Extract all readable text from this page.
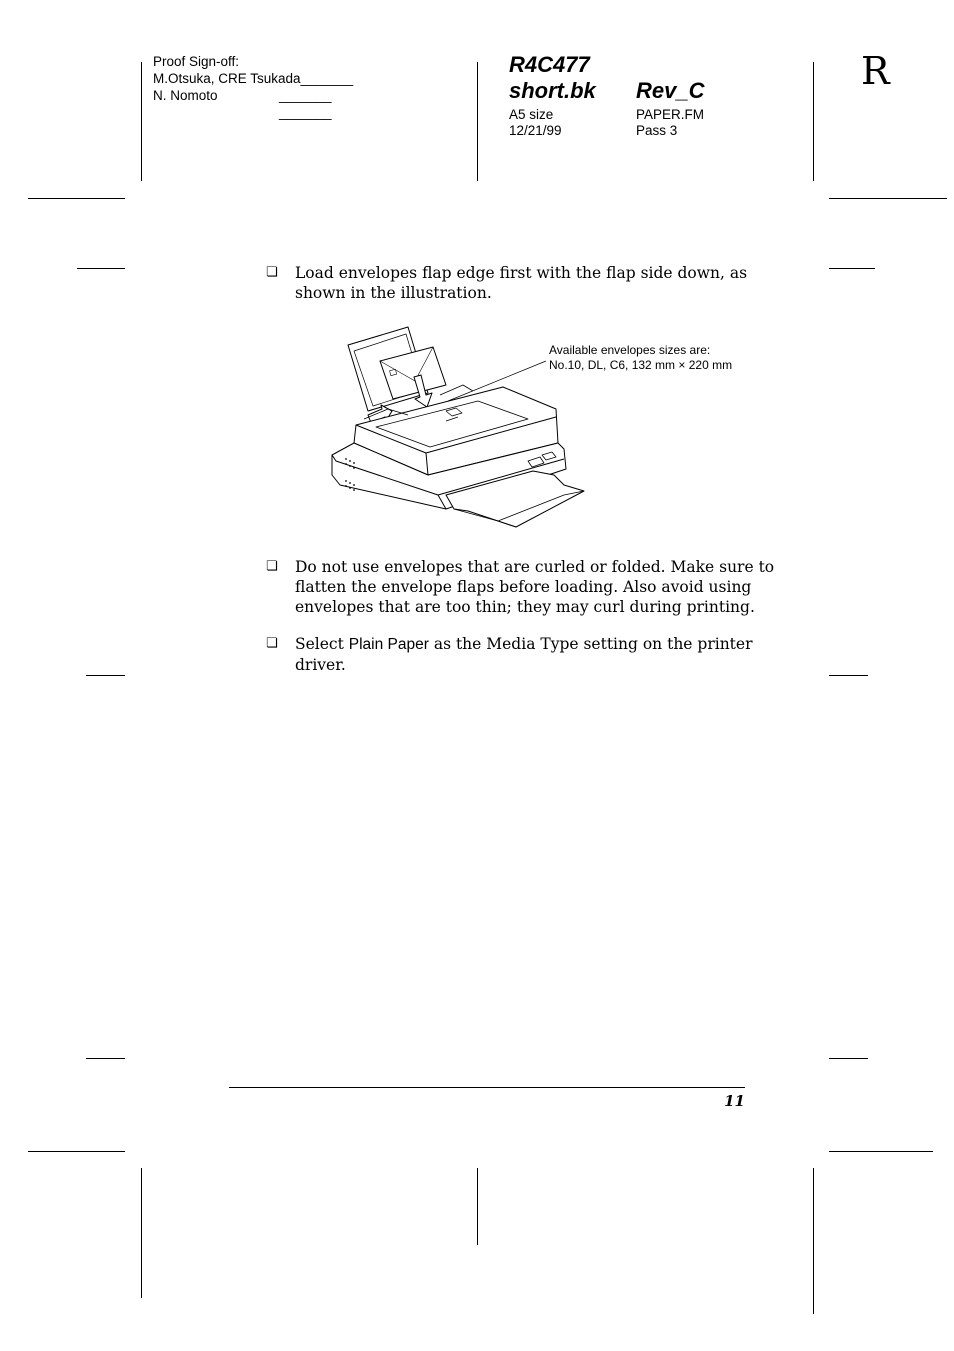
Proof Sign-off:
M.Otsuka, CRE Tsukada_______
N. Nomoto	_______
_______
R4C477
short.bk Rev_C
A5 size
12/21/99
PAPER.FM
Pass 3
R
❏ Load envelopes flap edge first with the flap side down, as
shown in the illustration.
Available envelopes sizes are:
No.10, DL, C6, 132 mm × 220 mm
❏ Do not use envelopes that are curled or folded. Make sure to
flatten the envelope flaps before loading. Also avoid using
envelopes that are too thin; they may curl during printing.
❏ Select Plain Paper as the Media Type setting on the printer
driver.
11
